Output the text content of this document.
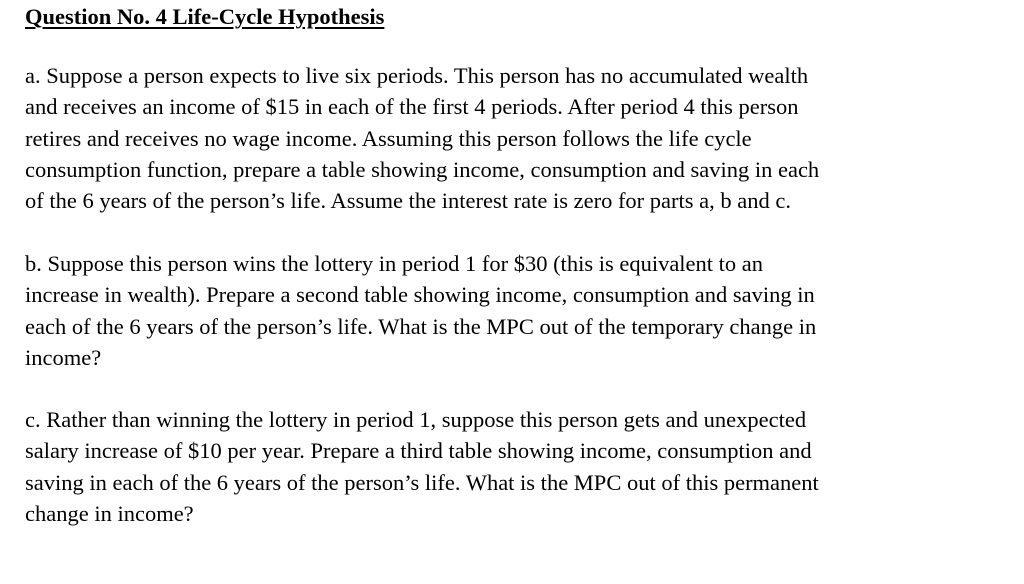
Question No. 4 Life-Cycle Hypothesis

a. Suppose a person expects to live six periods. This person has no accumulated wealth
and receives an income of $15 in each of the first 4 periods. After period 4 this person
retires and receives no wage income. Assuming this person follows the life cycle
consumption function, prepare a table showing income, consumption and saving in each
of the 6 years of the person’s life. Assume the interest rate is zero for parts a, b and c.

b. Suppose this person wins the lottery in period 1 for $30 (this is equivalent to an
increase in wealth). Prepare a second table showing income, consumption and saving in
each of the 6 years of the person’s life. What is the MPC out of the temporary change in
income?

c. Rather than winning the lottery in period 1, suppose this person gets and unexpected
salary increase of $10 per year. Prepare a third table showing income, consumption and
saving in each of the 6 years of the person’s life. What is the MPC out of this permanent
change in income?
